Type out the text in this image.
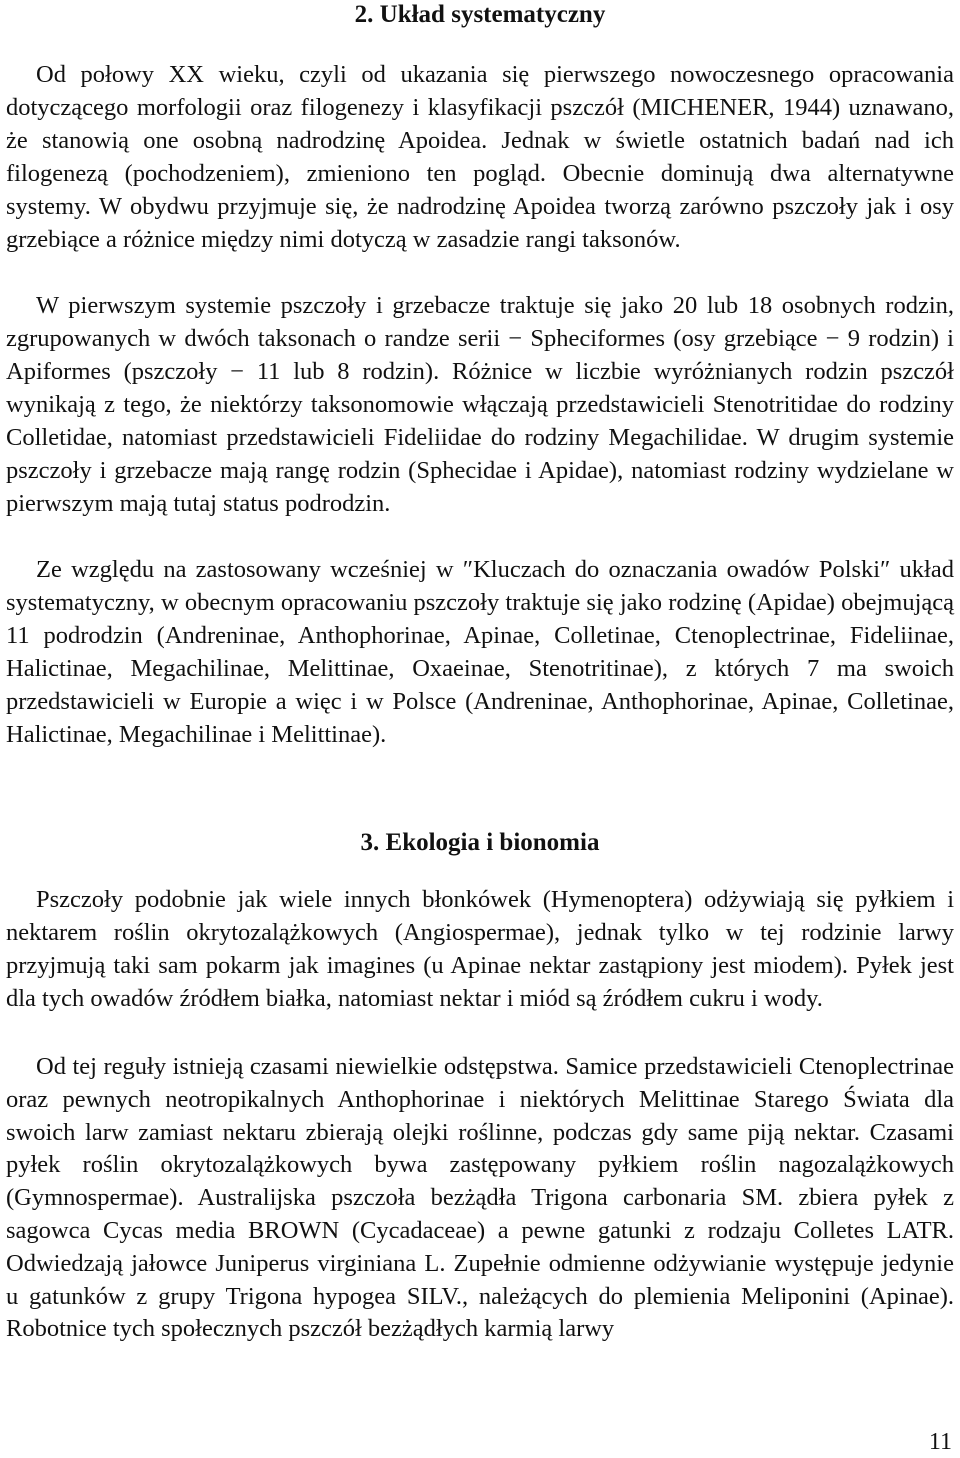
2. Układ systematyczny

Od połowy XX wieku, czyli od ukazania się pierwszego nowoczesnego opracowania dotyczącego morfologii oraz filogenezy i klasyfikacji pszczół (MICHENER, 1944) uznawano, że stanowią one osobną nadrodzinę Apoidea. Jednak w świetle ostatnich badań nad ich filogenezą (pochodzeniem), zmieniono ten pogląd. Obecnie dominują dwa alternatywne systemy. W obydwu przyjmuje się, że nadrodzinę Apoidea tworzą zarówno pszczoły jak i osy grzebiące a różnice między nimi dotyczą w zasadzie rangi taksonów.

W pierwszym systemie pszczoły i grzebacze traktuje się jako 20 lub 18 osobnych rodzin, zgrupowanych w dwóch taksonach o randze serii − Spheciformes (osy grzebiące − 9 rodzin) i Apiformes (pszczoły − 11 lub 8 rodzin). Różnice w liczbie wyróżnianych rodzin pszczół wynikają z tego, że niektórzy taksonomowie włączają przedstawicieli Stenotritidae do rodziny Colletidae, natomiast przedstawicieli Fideliidae do rodziny Megachilidae. W drugim systemie pszczoły i grzebacze mają rangę rodzin (Sphecidae i Apidae), natomiast rodziny wydzielane w pierwszym mają tutaj status podrodzin.

Ze względu na zastosowany wcześniej w ″Kluczach do oznaczania owadów Polski″ układ systematyczny, w obecnym opracowaniu pszczoły traktuje się jako rodzinę (Apidae) obejmującą 11 podrodzin (Andreninae, Anthophorinae, Apinae, Colletinae, Ctenoplectrinae, Fideliinae, Halictinae, Megachilinae, Melittinae, Oxaeinae, Stenotritinae), z których 7 ma swoich przedstawicieli w Europie a więc i w Polsce (Andreninae, Anthophorinae, Apinae, Colletinae, Halictinae, Megachilinae i Melittinae).

3. Ekologia i bionomia

Pszczoły podobnie jak wiele innych błonkówek (Hymenoptera) odżywiają się pyłkiem i nektarem roślin okrytozalążkowych (Angiospermae), jednak tylko w tej rodzinie larwy przyjmują taki sam pokarm jak imagines (u Apinae nektar zastąpiony jest miodem). Pyłek jest dla tych owadów źródłem białka, natomiast nektar i miód są źródłem cukru i wody.

Od tej reguły istnieją czasami niewielkie odstępstwa. Samice przedstawicieli Ctenoplectrinae oraz pewnych neotropikalnych Anthophorinae i niektórych Melittinae Starego Świata dla swoich larw zamiast nektaru zbierają olejki roślinne, podczas gdy same piją nektar. Czasami pyłek roślin okrytozalążkowych bywa zastępowany pyłkiem roślin nagozalążkowych (Gymnospermae). Australijska pszczoła bezżądła Trigona carbonaria SM. zbiera pyłek z sagowca Cycas media BROWN (Cycadaceae) a pewne gatunki z rodzaju Colletes LATR. Odwiedzają jałowce Juniperus virginiana L. Zupełnie odmienne odżywianie występuje jedynie u gatunków z grupy Trigona hypogea SILV., należących do plemienia Meliponini (Apinae). Robotnice tych społecznych pszczół bezżądłych karmią larwy

11
